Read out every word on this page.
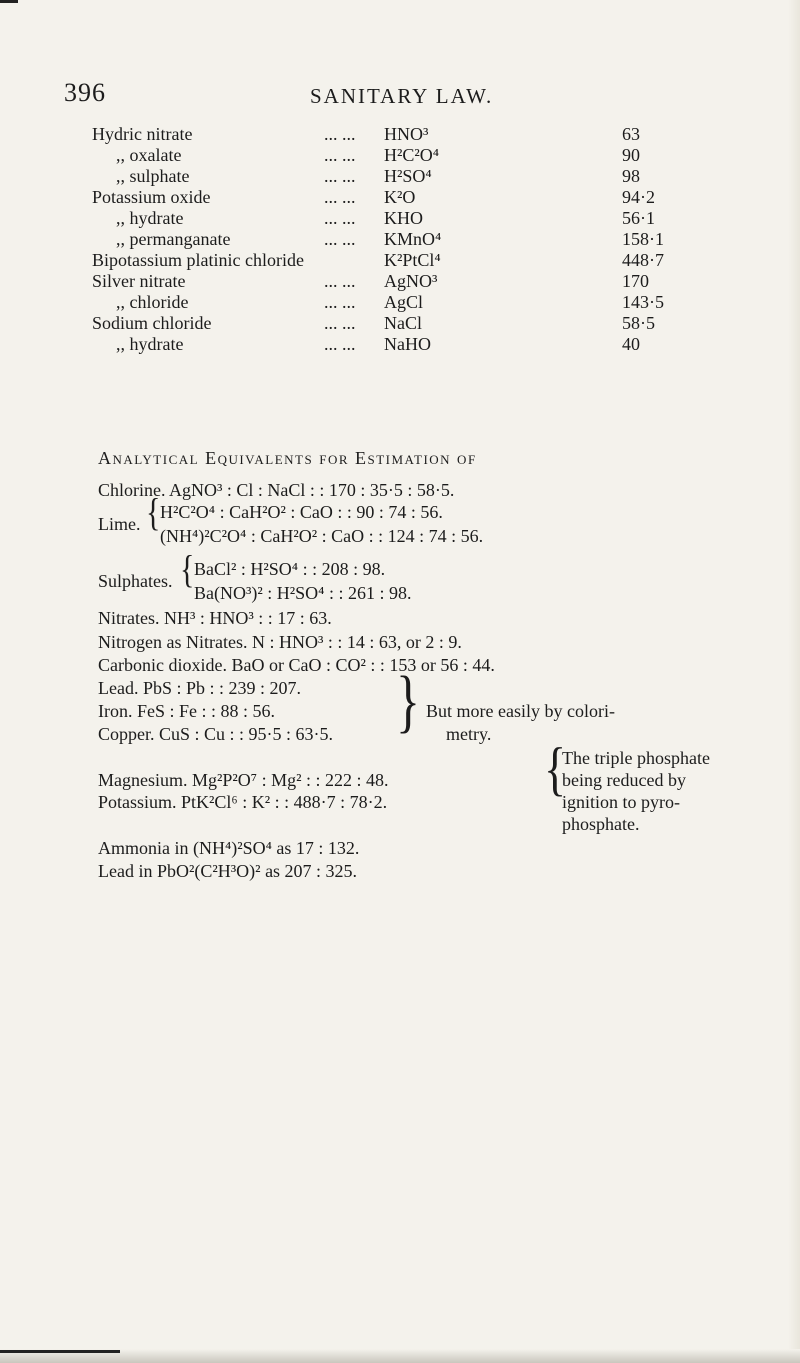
396	SANITARY LAW.
Hydric nitrate	... ... HNO³	63
,, oxalate	... ... H²C²O⁴	90
,, sulphate	... ... H²SO⁴	98
Potassium oxide	... ... K²O	94·2
,, hydrate	... ... KHO	56·1
,, permanganate	... ... KMnO⁴	158·1
Bipotassium platinic chloride	K²PtCl⁴	448·7
Silver nitrate	... ... AgNO³	170
,, chloride	... ... AgCl	143·5
Sodium chloride	... ... NaCl	58·5
,, hydrate	... ... NaHO	40
Analytical Equivalents for Estimation of
Chlorine. AgNO³ : Cl : NaCl : : 170 : 35·5 : 58·5.
Lime. { H²C²O⁴ : CaH²O² : CaO : : 90 : 74 : 56.
(NH⁴)²C²O⁴ : CaH²O² : CaO : : 124 : 74 : 56.
Sulphates. { BaCl² : H²SO⁴ : : 208 : 98.
Ba(NO³)² : H²SO⁴ : : 261 : 98.
Nitrates. NH³ : HNO³ : : 17 : 63.
Nitrogen as Nitrates. N : HNO³ : : 14 : 63, or 2 : 9.
Carbonic dioxide. BaO or CaO : CO² : : 153 or 56 : 44.
Lead. PbS : Pb : : 239 : 207.
Iron. FeS : Fe : : 88 : 56.
Copper. CuS : Cu : : 95·5 : 63·5. } But more easily by colori-
metry.
{
The triple phosphate
Magnesium. Mg²P²O⁷ : Mg² : : 222 : 48.	being reduced by
Potassium. PtK²Cl⁶ : K² : : 488·7 : 78·2.	ignition to pyro-
phosphate.
Ammonia in (NH⁴)²SO⁴ as 17 : 132.
Lead in PbO²(C²H³O)² as 207 : 325.
